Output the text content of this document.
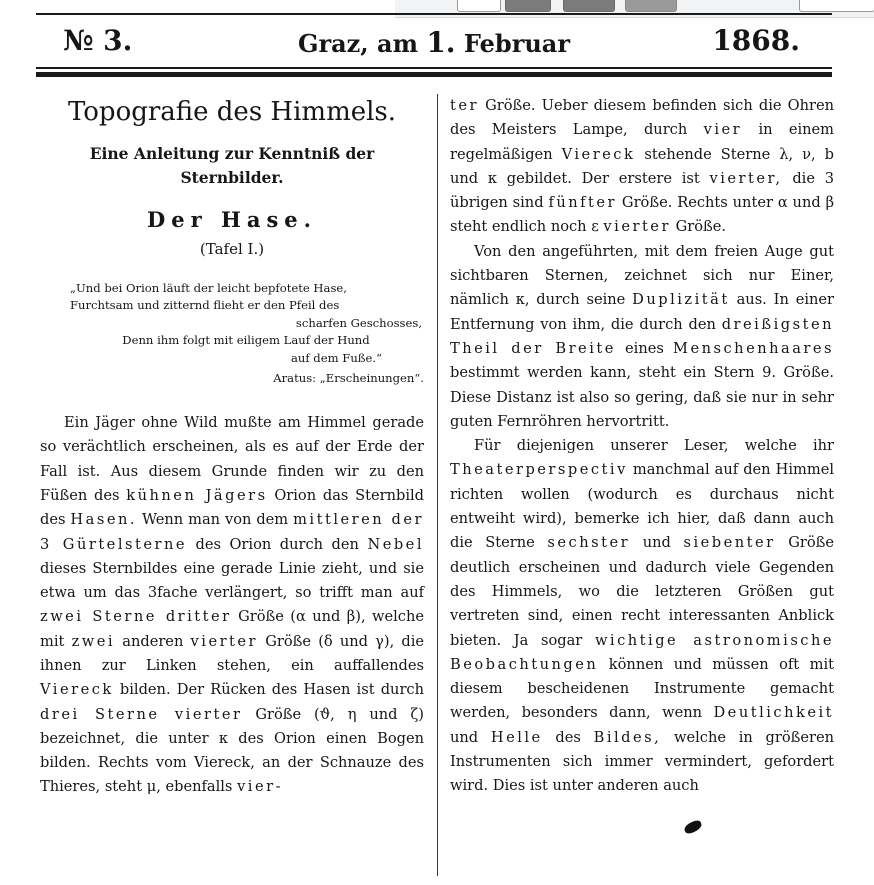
№ 3.	Graz, am 1. Februar	1868.
Topografie des Himmels.
Eine Anleitung zur Kenntniß der Sternbilder.
Der Hase.
(Tafel I.)

„Und bei Orion läuft der leicht bepfotete Hase,

Furchtsam und zitternd flieht er den Pfeil des

scharfen Geschosses,

Denn ihm folgt mit eiligem Lauf der Hund

auf dem Fuße.“

Aratus: „Erscheinungen“.

Ein Jäger ohne Wild mußte am Himmel gerade so verächtlich erscheinen, als es auf der Erde der Fall ist. Aus diesem Grunde finden wir zu den Füßen des kühnen Jägers Orion das Sternbild des Hasen. Wenn man von dem mittleren der 3 Gürtelsterne des Orion durch den Nebel dieses Sternbildes eine gerade Linie zieht, und sie etwa um das 3fache verlängert, so trifft man auf zwei Sterne dritter Größe (α und β), welche mit zwei anderen vierter Größe (δ und γ), die ihnen zur Linken stehen, ein auffallendes Viereck bilden. Der Rücken des Hasen ist durch drei Sterne vierter Größe (ϑ, η und ζ) bezeichnet, die unter κ des Orion einen Bogen bilden. Rechts vom Viereck, an der Schnauze des Thieres, steht μ, ebenfalls vier-

ter Größe. Ueber diesem befinden sich die Ohren des Meisters Lampe, durch vier in einem regelmäßigen Viereck stehende Sterne λ, ν, b und κ gebildet. Der erstere ist vierter, die 3 übrigen sind fünfter Größe. Rechts unter α und β steht endlich noch ε vierter Größe.

Von den angeführten, mit dem freien Auge gut sichtbaren Sternen, zeichnet sich nur Einer, nämlich κ, durch seine Duplizität aus. In einer Entfernung von ihm, die durch den dreißigsten Theil der Breite eines Menschenhaares bestimmt werden kann, steht ein Stern 9. Größe. Diese Distanz ist also so gering, daß sie nur in sehr guten Fernröhren hervortritt.

Für diejenigen unserer Leser, welche ihr Theaterperspectiv manchmal auf den Himmel richten wollen (wodurch es durchaus nicht entweiht wird), bemerke ich hier, daß dann auch die Sterne sechster und siebenter Größe deutlich erscheinen und dadurch viele Gegenden des Himmels, wo die letzteren Größen gut vertreten sind, einen recht interessanten Anblick bieten. Ja sogar wichtige astronomische Beobachtungen können und müssen oft mit diesem bescheidenen Instrumente gemacht werden, besonders dann, wenn Deutlichkeit und Helle des Bildes, welche in größeren Instrumenten sich immer vermindert, gefordert wird. Dies ist unter anderen auch
